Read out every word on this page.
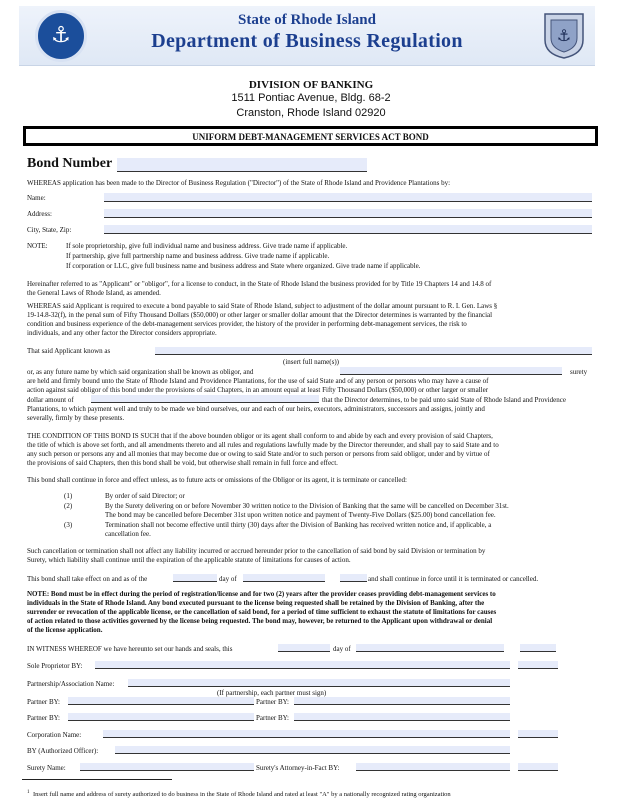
⚓
State of Rhode Island
Department of Business Regulation	⚓
DIVISION OF BANKING
1511 Pontiac Avenue, Bldg. 68-2
Cranston, Rhode Island 02920
UNIFORM DEBT-MANAGEMENT SERVICES ACT BOND
Bond Number
WHEREAS application has been made to the Director of Business Regulation ("Director") of the State of Rhode Island and Providence Plantations by:
Name:
Address:
City, State, Zip:
NOTE:	If sole proprietorship, give full individual name and business address. Give trade name if applicable.
If partnership, give full partnership name and business address. Give trade name if applicable.
If corporation or LLC, give full business name and business address and State where organized. Give trade name if applicable.
Hereinafter referred to as "Applicant" or "obligor", for a license to conduct, in the State of Rhode Island the business provided for by Title 19 Chapters 14 and 14.8 of
the General Laws of Rhode Island, as amended.
WHEREAS said Applicant is required to execute a bond payable to said State of Rhode Island, subject to adjustment of the dollar amount pursuant to R. I. Gen. Laws §
19-14.8-32(f), in the penal sum of Fifty Thousand Dollars ($50,000) or other larger or smaller dollar amount that the Director determines is warranted by the financial
condition and business experience of the debt-management services provider, the history of the provider in performing debt-management services, the risk to
individuals, and any other factor the Director considers appropriate.
That said Applicant known as
(insert full name(s))
or, as any future name by which said organization shall be known as obligor, and	surety
are held and firmly bound unto the State of Rhode Island and Providence Plantations, for the use of said State and of any person or persons who may have a cause of
action against said obligor of this bond under the provisions of said Chapters, in an amount equal at least Fifty Thousand Dollars ($50,000) or other larger or smaller
dollar amount of	that the Director determines, to be paid unto said State of Rhode Island and Providence
Plantations, to which payment well and truly to be made we bind ourselves, our and each of our heirs, executors, administrators, successors and assigns, jointly and
severally, firmly by these presents.
THE CONDITION OF THIS BOND IS SUCH that if the above bounden obligor or its agent shall conform to and abide by each and every provision of said Chapters,
the title of which is above set forth, and all amendments thereto and all rules and regulations lawfully made by the Director thereunder, and shall pay to said State and to
any such person or persons any and all monies that may become due or owing to said State and/or to such person or persons from said obligor, under and by virtue of
the provisions of said Chapters, then this bond shall be void, but otherwise shall remain in full force and effect.
This bond shall continue in force and effect unless, as to future acts or omissions of the Obligor or its agent, it is terminate or cancelled:
(1)	By order of said Director; or
(2)	By the Surety delivering on or before November 30 written notice to the Division of Banking that the same will be cancelled on December 31st.
The bond may be cancelled before December 31st upon written notice and payment of Twenty-Five Dollars ($25.00) bond cancellation fee.
(3)	Termination shall not become effective until thirty (30) days after the Division of Banking has received written notice and, if applicable, a
cancellation fee.
Such cancellation or termination shall not affect any liability incurred or accrued hereunder prior to the cancellation of said bond by said Division or termination by
Surety, which liability shall continue until the expiration of the applicable statute of limitations for causes of action.
This bond shall take effect on and as of the	day of	and shall continue in force until it is terminated or cancelled.
NOTE: Bond must be in effect during the period of registration/license and for two (2) years after the provider ceases providing debt-management services to
individuals in the State of Rhode Island. Any bond executed pursuant to the license being requested shall be retained by the Division of Banking, after the
surrender or revocation of the applicable license, or the cancellation of said bond, for a period of time sufficient to exhaust the statute of limitations for causes
of action related to those activities governed by the license being requested. The bond may, however, be returned to the Applicant upon withdrawal or denial
of the license application.
IN WITNESS WHEREOF we have hereunto set our hands and seals, this	day of
Sole Proprietor BY:
Partnership/Association Name:
(If partnership, each partner must sign)
Partner BY:	Partner BY:
Partner BY:	Partner BY:
Corporation Name:
BY (Authorized Officer):
Surety Name:	Surety's Attorney-in-Fact BY:
1 Insert full name and address of surety authorized to do business in the State of Rhode Island and rated at least "A" by a nationally recognized rating organization
